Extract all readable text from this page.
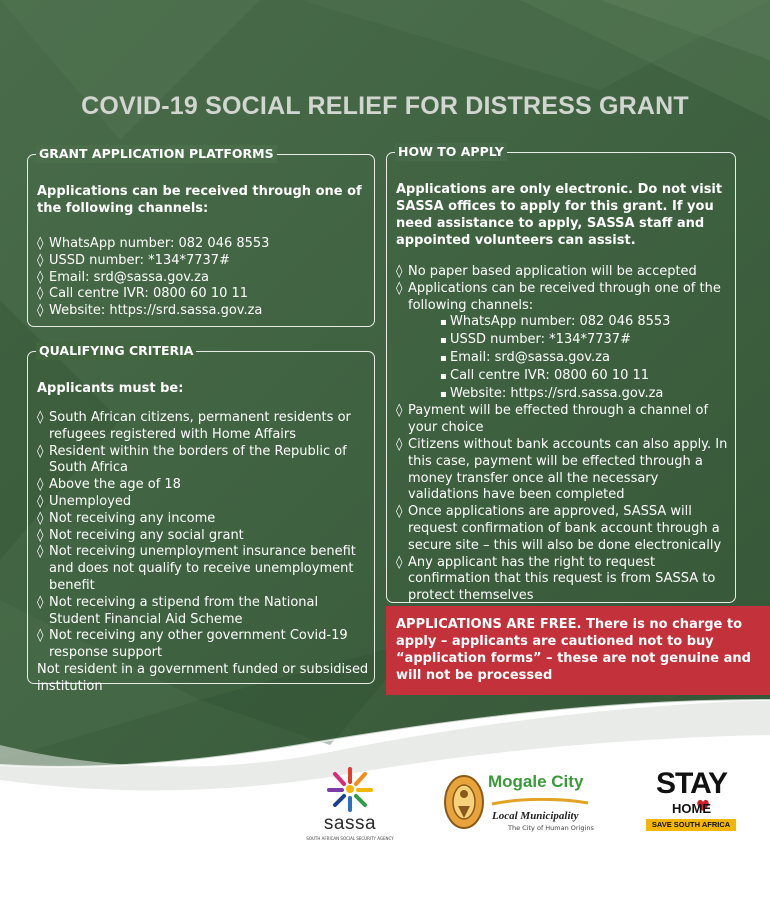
COVID-19 SOCIAL RELIEF FOR DISTRESS GRANT
GRANT APPLICATION PLATFORMS

Applications can be received through one of the following channels:

◊ WhatsApp number: 082 046 8553
◊ USSD number: *134*7737#
◊ Email: srd@sassa.gov.za
◊ Call centre IVR: 0800 60 10 11
◊ Website: https://srd.sassa.gov.za
QUALIFYING CRITERIA

Applicants must be:

◊ South African citizens, permanent residents or refugees registered with Home Affairs
◊ Resident within the borders of the Republic of South Africa
◊ Above the age of 18
◊ Unemployed
◊ Not receiving any income
◊ Not receiving any social grant
◊ Not receiving unemployment insurance benefit and does not qualify to receive unemployment benefit
◊ Not receiving a stipend from the National Student Financial Aid Scheme
◊ Not receiving any other government Covid-19 response support
Not resident in a government funded or subsidised institution
HOW TO APPLY

Applications are only electronic. Do not visit SASSA offices to apply for this grant. If you need assistance to apply, SASSA staff and appointed volunteers can assist.

◊ No paper based application will be accepted
◊ Applications can be received through one of the following channels:
▪ WhatsApp number: 082 046 8553
▪ USSD number: *134*7737#
▪ Email: srd@sassa.gov.za
▪ Call centre IVR: 0800 60 10 11
▪ Website: https://srd.sassa.gov.za
◊ Payment will be effected through a channel of your choice
◊ Citizens without bank accounts can also apply. In this case, payment will be effected through a money transfer once all the necessary validations have been completed
◊ Once applications are approved, SASSA will request confirmation of bank account through a secure site – this will also be done electronically
◊ Any applicant has the right to request confirmation that this request is from SASSA to protect themselves
APPLICATIONS ARE FREE. There is no charge to apply – applicants are cautioned not to buy “application forms” – these are not genuine and will not be processed
sassa
SOUTH AFRICAN SOCIAL SECURITY AGENCY
Mogale City
Local Municipality
The City of Human Origins
STAY
HOME
SAVE SOUTH AFRICA
